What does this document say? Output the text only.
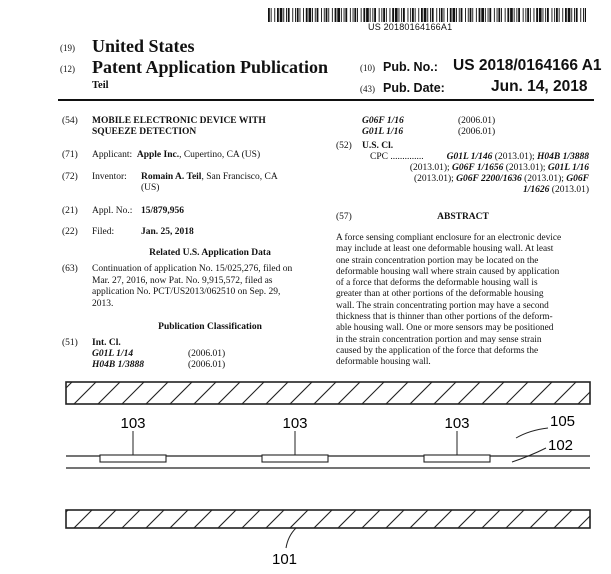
US 20180164166A1
(19) United States
(12) Patent Application Publication
Teil
(10) Pub. No.: US 2018/0164166 A1
(43) Pub. Date:	Jun. 14, 2018
(54) MOBILE ELECTRONIC DEVICE WITH
SQUEEZE DETECTION
(71) Applicant: Apple Inc., Cupertino, CA (US)
(72) Inventor: Romain A. Teil, San Francisco, CA
(US)
(21) Appl. No.: 15/879,956
(22) Filed:	Jan. 25, 2018
Related U.S. Application Data
(63) Continuation of application No. 15/025,276, filed on
Mar. 27, 2016, now Pat. No. 9,915,572, filed as
application No. PCT/US2013/062510 on Sep. 29,
2013.
Publication Classification
(51) Int. Cl.
G01L 1/14	(2006.01)
H04B 1/3888	(2006.01)
G06F 1/16	(2006.01)
G01L 1/16	(2006.01)
(52) U.S. Cl.
CPC ..............	G01L 1/146 (2013.01); H04B 1/3888
(2013.01); G06F 1/1656 (2013.01); G01L 1/16
(2013.01); G06F 2200/1636 (2013.01); G06F
1/1626 (2013.01)
(57)	ABSTRACT
A force sensing compliant enclosure for an electronic device
may include at least one deformable housing wall. At least
one strain concentration portion may be located on the
deformable housing wall where strain caused by application
of a force that deforms the deformable housing wall is
greater than at other portions of the deformable housing
wall. The strain concentrating portion may have a second
thickness that is thinner than other portions of the deform-
able housing wall. One or more sensors may be positioned
in the strain concentration portion and may sense strain
caused by the application of the force that deforms the
deformable housing wall.
103	103	103	105
102
101
